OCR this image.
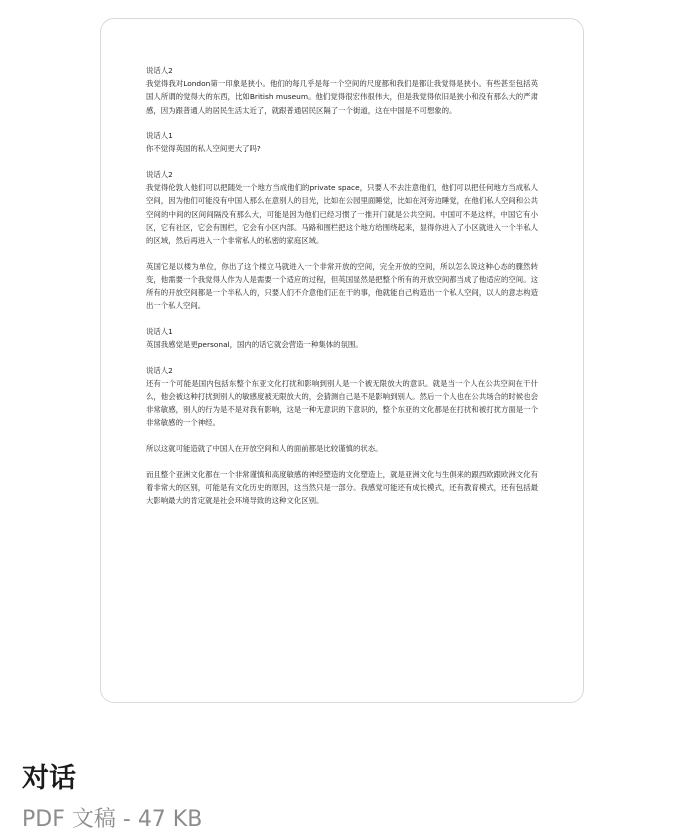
说话人2
我觉得我对London第一印象是狭小。他们的每几乎是每一个空间的尺度都和我们是都让我觉得是狭小。有些甚至包括英国人所谓的觉得大的东西，比如British museum。他们觉得很宏伟很伟大，但是我觉得依旧是狭小和没有那么大的严肃感，因为跟普通人的居民生活太近了，就跟普通居民区隔了一个街道，这在中国是不可想象的。
说话人1
你不觉得英国的私人空间更大了吗?
说话人2
我觉得伦敦人他们可以把随处一个地方当成他们的private space，只要人不去注意他们，他们可以把任何地方当成私人空间，因为他们可能没有中国人那么在意别人的目光，比如在公园里面睡觉，比如在河旁边睡觉，在他们私人空间和公共空间的中间的区间间隔没有那么大，可能是因为他们已经习惯了一推开门就是公共空间。中国可不是这样，中国它有小区，它有社区，它会有围栏，它会有小区内部。马路和围栏把这个地方给围绕起来，显得你进入了小区就进入一个半私人的区域，然后再进入一个非常私人的私密的家庭区域。
英国它是以楼为单位，你出了这个楼立马就进入一个非常开放的空间，完全开放的空间，所以怎么说这种心态的骤然转变，他需要一个我觉得人作为人是需要一个适应的过程，但英国显然是把整个所有的开放空间都当成了他适应的空间。这所有的开放空间都是一个半私人的，只要人们不介意他们正在干的事，他就能自己构造出一个私人空间，以人的意志构造出一个私人空间。
说话人1
英国我感觉是更personal，国内的话它就会营造一种集体的氛围。
说话人2
还有一个可能是国内包括东整个东亚文化打扰和影响到别人是一个被无限放大的意识。就是当一个人在公共空间在干什么，他会被这种打扰到别人的敏感度被无限放大的，会猜测自己是不是影响到别人。然后一个人也在公共场合的时候也会非常敏感，别人的行为是不是对我有影响，这是一种无意识的下意识的，整个东亚的文化都是在打扰和被打扰方面是一个非常敏感的一个神经。
所以这就可能造就了中国人在开放空间和人的面前都是比较谨慎的状态。
而且整个亚洲文化都在一个非常谨慎和高度敏感的神经塑造的文化塑造上，就是亚洲文化与生俱来的跟西欧跟欧洲文化有着非常大的区别，可能是有文化历史的原因，这当然只是一部分。我感觉可能还有成长模式，还有教育模式，还有包括最大影响最大的肯定就是社会环境导致的这种文化区别。
对话
PDF 文稿 - 47 KB
